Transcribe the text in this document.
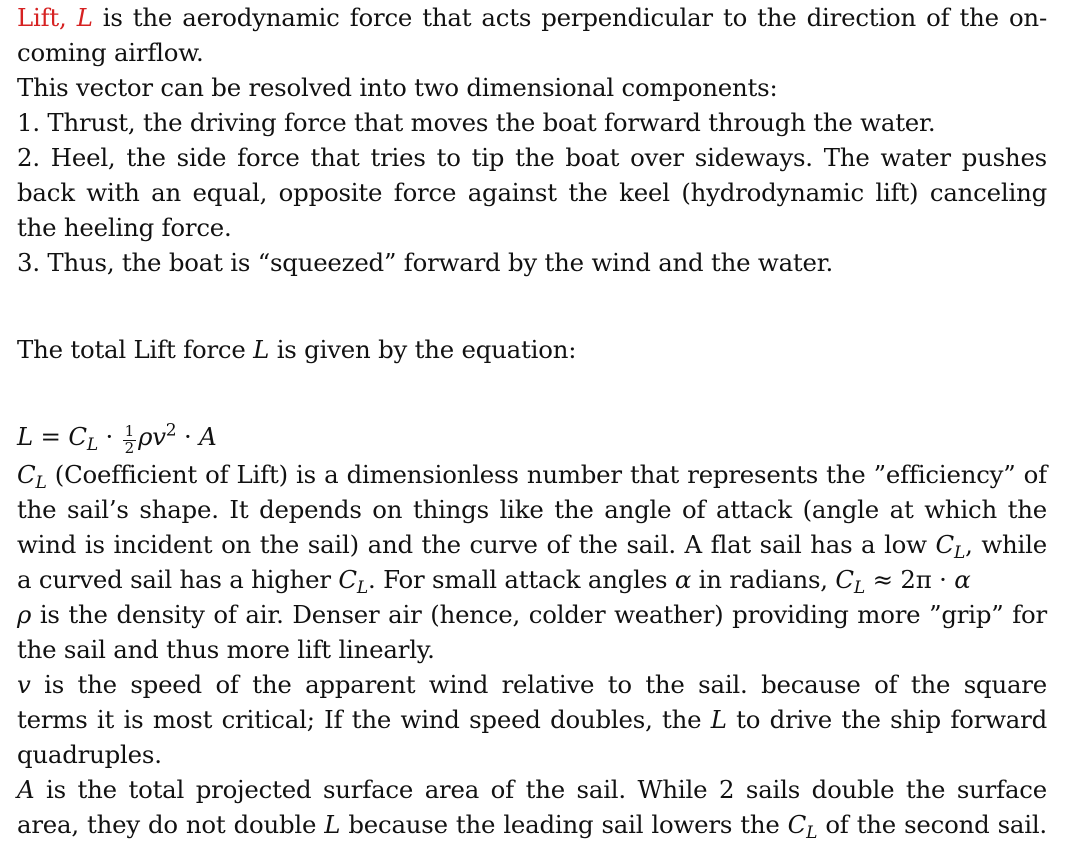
Lift, L is the aerodynamic force that acts perpendicular to the direction of the on-
coming airflow.
This vector can be resolved into two dimensional components:
1. Thrust, the driving force that moves the boat forward through the water.
2. Heel, the side force that tries to tip the boat over sideways. The water pushes
back with an equal, opposite force against the keel (hydrodynamic lift) canceling
the heeling force.
3. Thus, the boat is “squeezed” forward by the wind and the water.
The total Lift force L is given by the equation:
$L = C_L \cdot \frac{1}{2} \rho v^2 \cdot A$
$C_L$ (Coefficient of Lift) is a dimensionless number that represents the ”efficiency” of
the sail’s shape. It depends on things like the angle of attack (angle at which the
wind is incident on the sail) and the curve of the sail. A flat sail has a low $C_L$, while
a curved sail has a higher $C_L$. For small attack angles α in radians, $C_L \approx 2\pi \cdot \alpha$
ρ is the density of air. Denser air (hence, colder weather) providing more ”grip” for
the sail and thus more lift linearly.
v is the speed of the apparent wind relative to the sail. because of the square
terms it is most critical; If the wind speed doubles, the L to drive the ship forward
quadruples.
A is the total projected surface area of the sail. While 2 sails double the surface
area, they do not double L because the leading sail lowers the $C_L$ of the second sail.
